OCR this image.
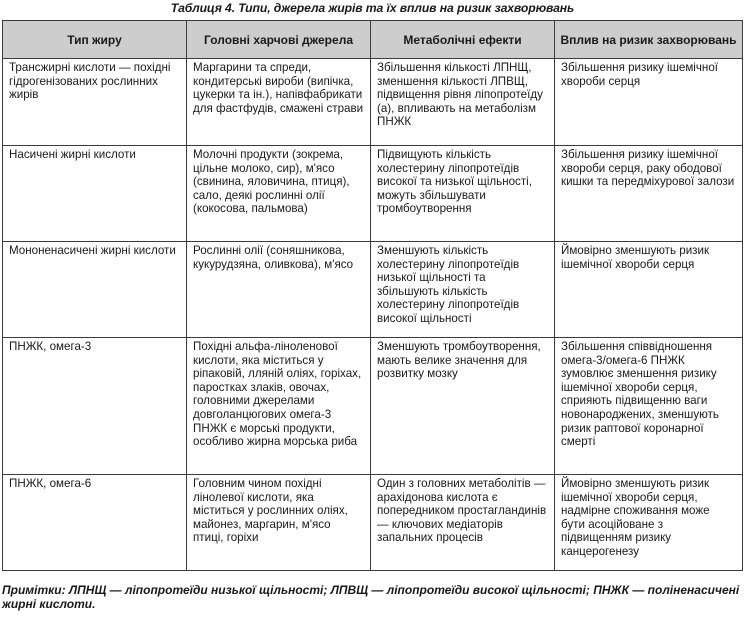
Таблиця 4. Типи, джерела жирів та їх вплив на ризик захворювань
Тип жиру	Головні харчові джерела	Метаболічні ефекти	Вплив на ризик захворювань
Трансжирні кислоти — похідні гідрогенізованих рослинних жирів	Маргарини та спреди, кондитерські вироби (випічка, цукерки та ін.), напівфабрикати для фастфудів, смажені страви	Збільшення кількості ЛПНЩ, зменшення кількості ЛПВЩ, підвищення рівня ліпопротеїду (а), впливають на метаболізм ПНЖК	Збільшення ризику ішемічної хвороби серця
Насичені жирні кислоти	Молочні продукти (зокрема, цільне молоко, сир), м'ясо (свинина, яловичина, птиця), сало, деякі рослинні олії (кокосова, пальмова)	Підвищують кількість холестерину ліпопротеїдів високої та низької щільності, можуть збільшувати тромбоутворення	Збільшення ризику ішемічної хвороби серця, раку ободової кишки та передміхурової залози
Мононенасичені жирні кислоти	Рослинні олії (соняшникова, кукурудзяна, оливкова), м'ясо	Зменшують кількість холестерину ліпопротеїдів низької щільності та збільшують кількість холестерину ліпопротеїдів високої щільності	Ймовірно зменшують ризик ішемічної хвороби серця
ПНЖК, омега-3	Похідні альфа-ліноленової кислоти, яка міститься у ріпаковій, лляній оліях, горіхах, паростках злаків, овочах, головними джерелами довголанцюгових омега-3 ПНЖК є морські продукти, особливо жирна морська риба	Зменшують тромбоутворення, мають велике значення для розвитку мозку	Збільшення співвідношення омега-3/омега-6 ПНЖК зумовлює зменшення ризику ішемічної хвороби серця, сприяють підвищенню ваги новонароджених, зменшують ризик раптової коронарної смерті
ПНЖК, омега-6	Головним чином похідні лінолевої кислоти, яка міститься у рослинних оліях, майонез, маргарин, м'ясо птиці, горіхи	Один з головних метаболітів — арахідонова кислота є попередником простагландинів — ключових медіаторів запальних процесів	Ймовірно зменшують ризик ішемічної хвороби серця, надмірне споживання може бути асоційоване з підвищенням ризику канцерогенезу
Примітки: ЛПНЩ — ліпопротеїди низької щільності; ЛПВЩ — ліпопротеїди високої щільності; ПНЖК — поліненасичені жирні кислоти.
